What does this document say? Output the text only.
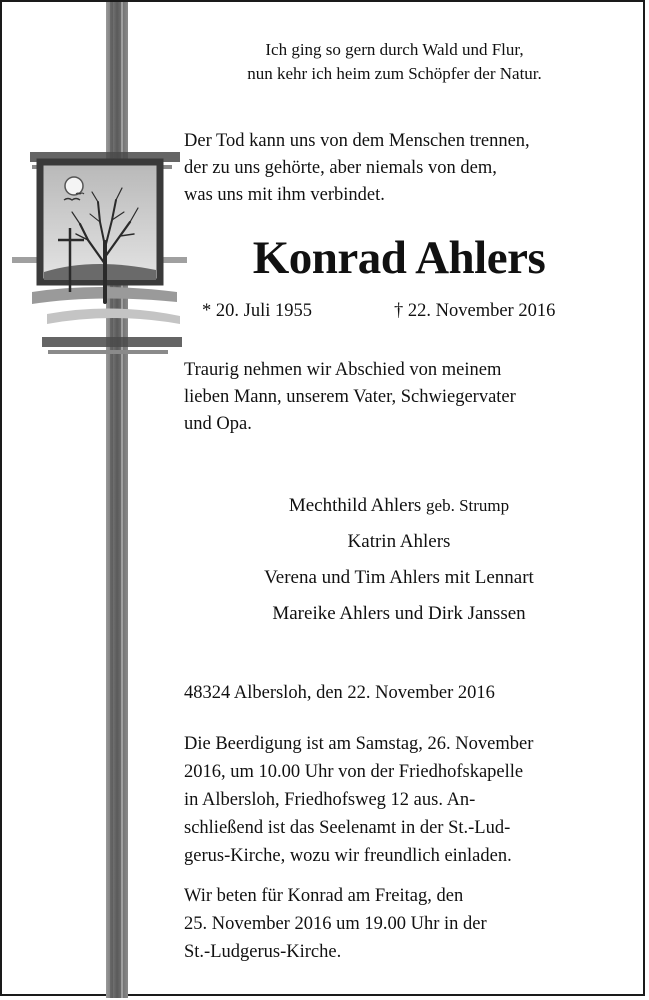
Ich ging so gern durch Wald und Flur,

nun kehr ich heim zum Schöpfer der Natur.

Der Tod kann uns von dem Menschen trennen,

der zu uns gehörte, aber niemals von dem,

was uns mit ihm verbindet.

Konrad Ahlers
* 20. Juli 1955	† 22. November 2016

Traurig nehmen wir Abschied von meinem

lieben Mann, unserem Vater, Schwiegervater

und Opa.

Mechthild Ahlers geb. Strump

Katrin Ahlers

Verena und Tim Ahlers mit Lennart

Mareike Ahlers und Dirk Janssen

48324 Albersloh, den 22. November 2016

Die Beerdigung ist am Samstag, 26. November

2016, um 10.00 Uhr von der Friedhofskapelle

in Albersloh, Friedhofsweg 12 aus. An-

schließend ist das Seelenamt in der St.-Lud-

gerus-Kirche, wozu wir freundlich einladen.

Wir beten für Konrad am Freitag, den

25. November 2016 um 19.00 Uhr in der

St.-Ludgerus-Kirche.
